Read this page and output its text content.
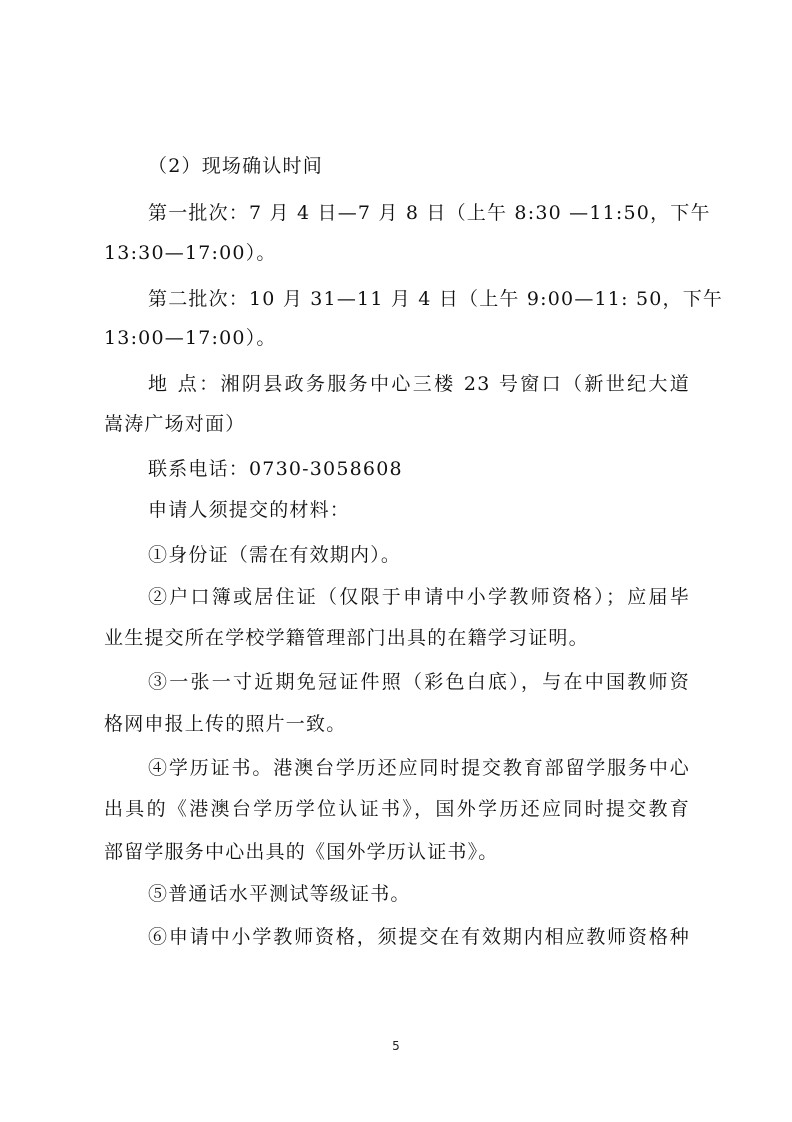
（2）现场确认时间
第一批次：7 月 4 日—7 月 8 日（上午 8:30 —11:50，下午
13:30—17:00）。
第二批次：10 月 31—11 月 4 日（上午 9:00—11: 50，下午
13:00—17:00）。
地 点：湘阴县政务服务中心三楼 23 号窗口（新世纪大道
嵩涛广场对面）
联系电话：0730-3058608
申请人须提交的材料：
①身份证（需在有效期内）。
②户口簿或居住证（仅限于申请中小学教师资格）；应届毕
业生提交所在学校学籍管理部门出具的在籍学习证明。
③一张一寸近期免冠证件照（彩色白底），与在中国教师资
格网申报上传的照片一致。
④学历证书。港澳台学历还应同时提交教育部留学服务中心
出具的《港澳台学历学位认证书》，国外学历还应同时提交教育
部留学服务中心出具的《国外学历认证书》。
⑤普通话水平测试等级证书。
⑥申请中小学教师资格，须提交在有效期内相应教师资格种
5
